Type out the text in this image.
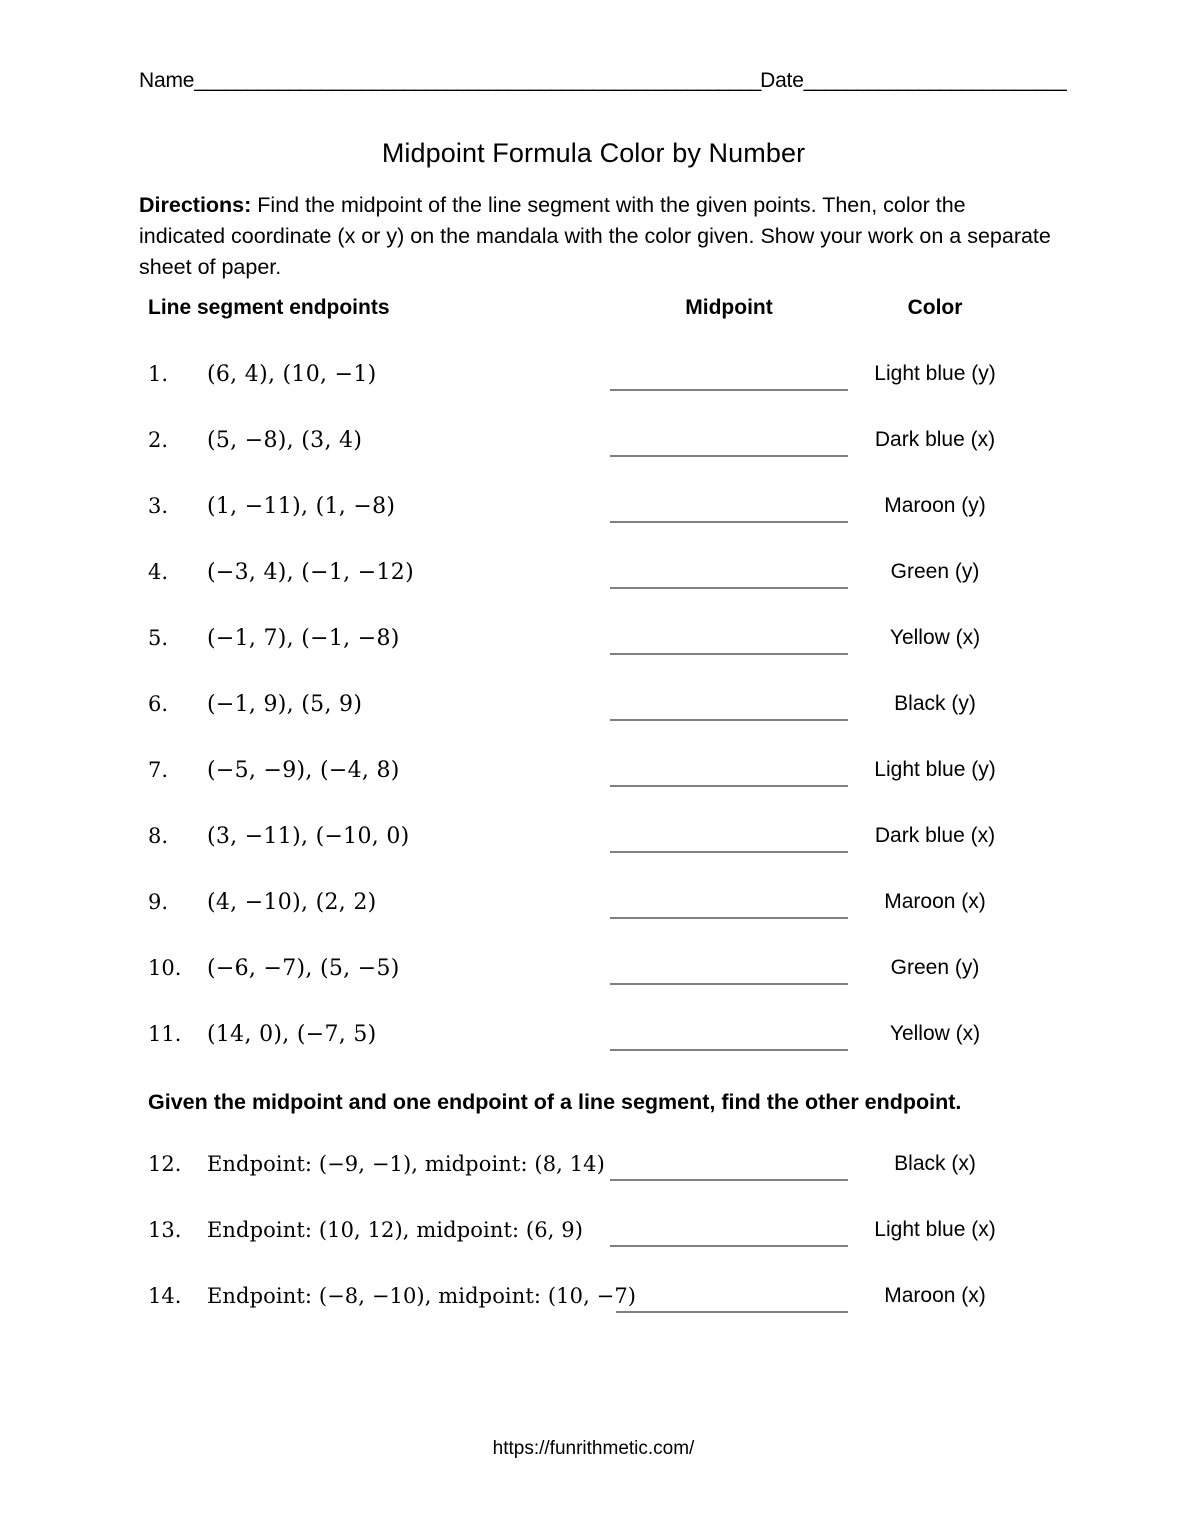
Name______________________________________________________Date_________________________
Midpoint Formula Color by Number
Directions: Find the midpoint of the line segment with the given points. Then, color the indicated coordinate (x or y) on the mandala with the color given. Show your work on a separate sheet of paper.
Line segment endpoints	Midpoint	Color
1.	(6, 4), (10, −1)	Light blue (y)
2.	(5, −8), (3, 4)	Dark blue (x)
3.	(1, −11), (1, −8)	Maroon (y)
4.	(−3, 4), (−1, −12)	Green (y)
5.	(−1, 7), (−1, −8)	Yellow (x)
6.	(−1, 9), (5, 9)	Black (y)
7.	(−5, −9), (−4, 8)	Light blue (y)
8.	(3, −11), (−10, 0)	Dark blue (x)
9.	(4, −10), (2, 2)	Maroon (x)
10.	(−6, −7), (5, −5)	Green (y)
11.	(14, 0), (−7, 5)	Yellow (x)
Given the midpoint and one endpoint of a line segment, find the other endpoint.
12.	Endpoint: (−9, −1), midpoint: (8, 14)	Black (x)
13.	Endpoint: (10, 12), midpoint: (6, 9)	Light blue (x)
14.	Endpoint: (−8, −10), midpoint: (10, −7)	Maroon (x)
https://funrithmetic.com/
